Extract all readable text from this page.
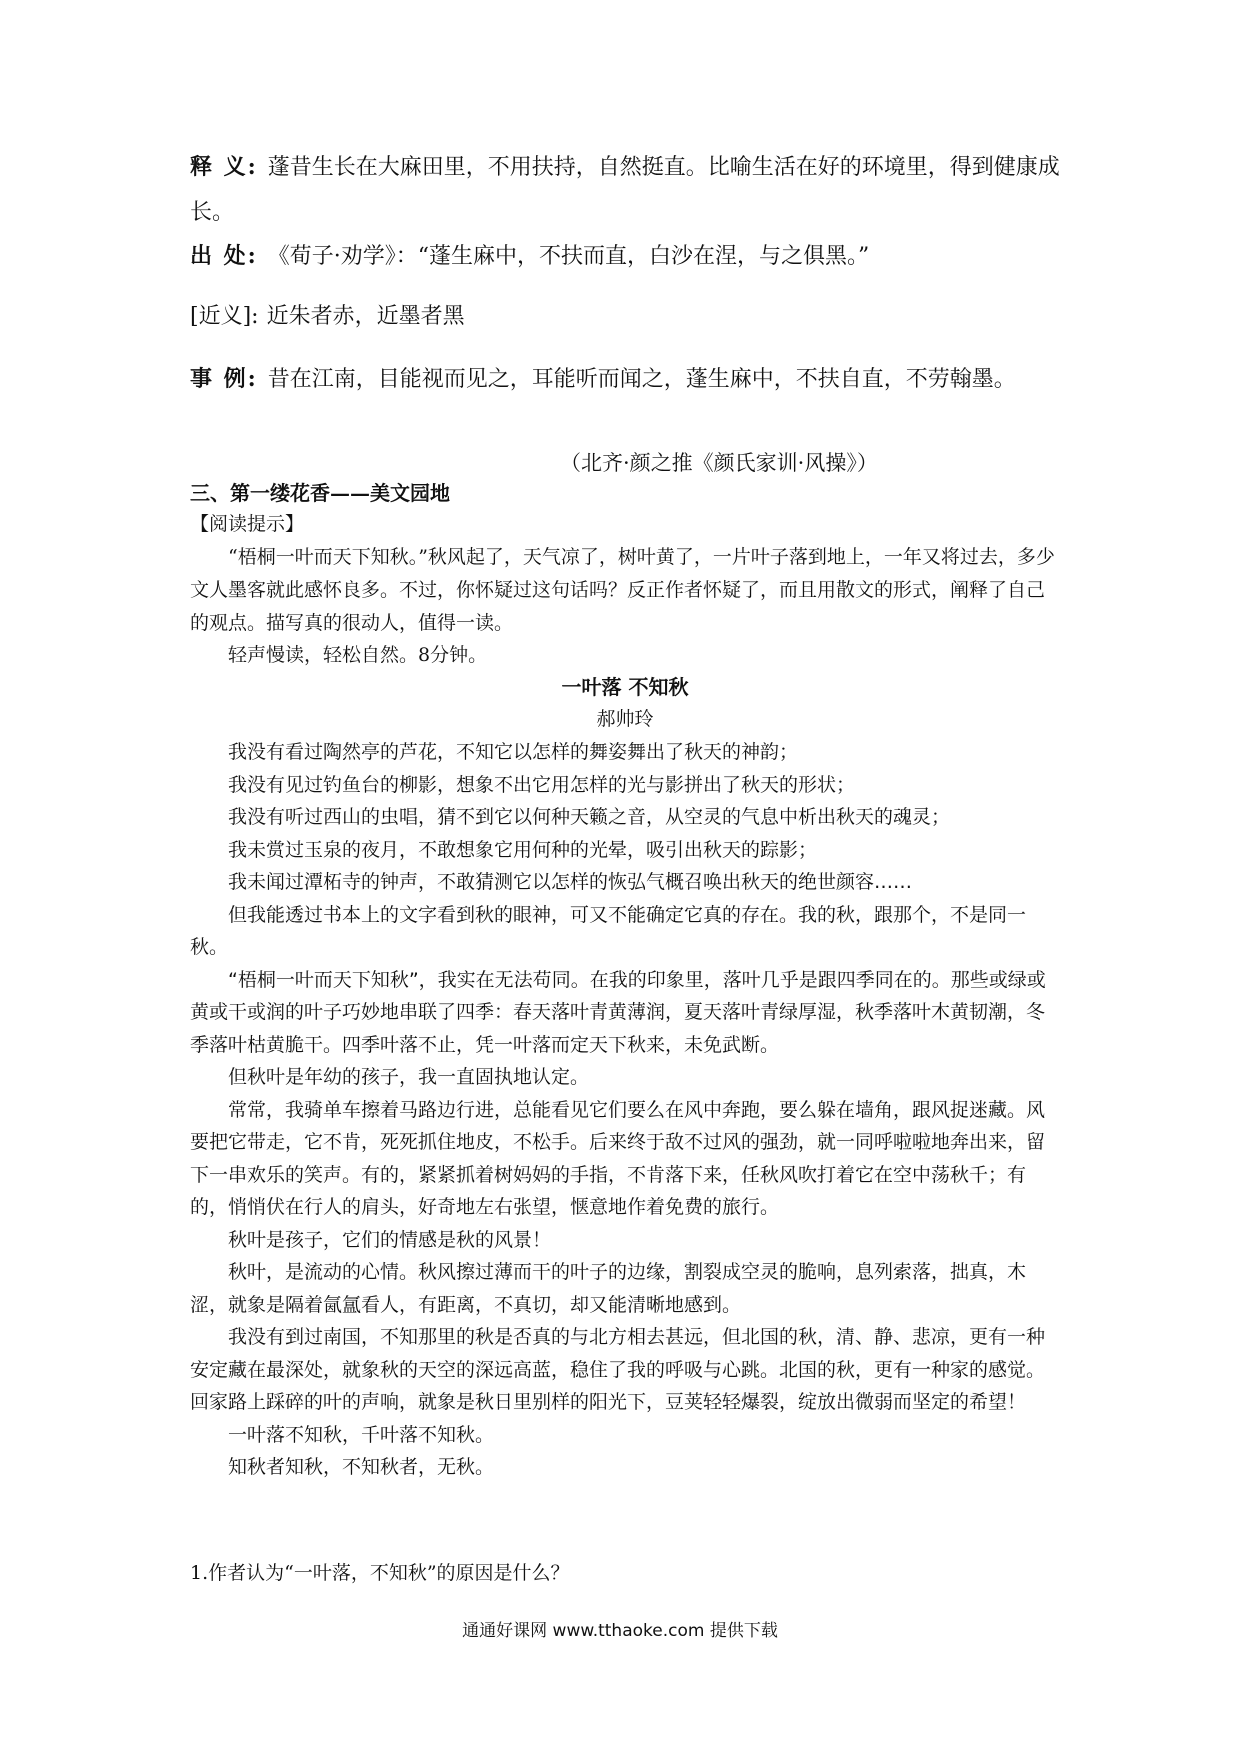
释 义: 蓬昔生长在大麻田里，不用扶持，自然挺直。比喻生活在好的环境里，得到健康成长。
出 处: 《荀子·劝学》：“蓬生麻中，不扶而直，白沙在涅，与之俱黑。”
[近义]: 近朱者赤，近墨者黑
事 例: 昔在江南，目能视而见之，耳能听而闻之，蓬生麻中，不扶自直，不劳翰墨。
（北齐·颜之推《颜氏家训·风操》）
三、第一缕花香——美文园地
【阅读提示】
“梧桐一叶而天下知秋。”秋风起了，天气凉了，树叶黄了，一片叶子落到地上，一年又将过去，多少文人墨客就此感怀良多。不过，你怀疑过这句话吗？反正作者怀疑了，而且用散文的形式，阐释了自己的观点。描写真的很动人，值得一读。
轻声慢读，轻松自然。8分钟。
一叶落 不知秋
郝帅玲

我没有看过陶然亭的芦花，不知它以怎样的舞姿舞出了秋天的神韵；

我没有见过钓鱼台的柳影，想象不出它用怎样的光与影拼出了秋天的形状；

我没有听过西山的虫唱，猜不到它以何种天籁之音，从空灵的气息中析出秋天的魂灵；

我未赏过玉泉的夜月，不敢想象它用何种的光晕，吸引出秋天的踪影；

我未闻过潭柘寺的钟声，不敢猜测它以怎样的恢弘气概召唤出秋天的绝世颜容……

但我能透过书本上的文字看到秋的眼神，可又不能确定它真的存在。我的秋，跟那个，不是同一秋。

“梧桐一叶而天下知秋”，我实在无法苟同。在我的印象里，落叶几乎是跟四季同在的。那些或绿或黄或干或润的叶子巧妙地串联了四季：春天落叶青黄薄润，夏天落叶青绿厚湿，秋季落叶木黄韧潮，冬季落叶枯黄脆干。四季叶落不止，凭一叶落而定天下秋来，未免武断。

但秋叶是年幼的孩子，我一直固执地认定。

常常，我骑单车擦着马路边行进，总能看见它们要么在风中奔跑，要么躲在墙角，跟风捉迷藏。风要把它带走，它不肯，死死抓住地皮，不松手。后来终于敌不过风的强劲，就一同呼啦啦地奔出来，留下一串欢乐的笑声。有的，紧紧抓着树妈妈的手指，不肯落下来，任秋风吹打着它在空中荡秋千；有的，悄悄伏在行人的肩头，好奇地左右张望，惬意地作着免费的旅行。

秋叶是孩子，它们的情感是秋的风景！

秋叶，是流动的心情。秋风擦过薄而干的叶子的边缘，割裂成空灵的脆响，息列索落，拙真，木涩，就象是隔着氤氲看人，有距离，不真切，却又能清晰地感到。

我没有到过南国，不知那里的秋是否真的与北方相去甚远，但北国的秋，清、静、悲凉，更有一种安定藏在最深处，就象秋的天空的深远高蓝，稳住了我的呼吸与心跳。北国的秋，更有一种家的感觉。回家路上踩碎的叶的声响，就象是秋日里别样的阳光下，豆荚轻轻爆裂，绽放出微弱而坚定的希望！

一叶落不知秋，千叶落不知秋。

知秋者知秋，不知秋者，无秋。

1.作者认为“一叶落，不知秋”的原因是什么？
通通好课网 www.tthaoke.com 提供下载
